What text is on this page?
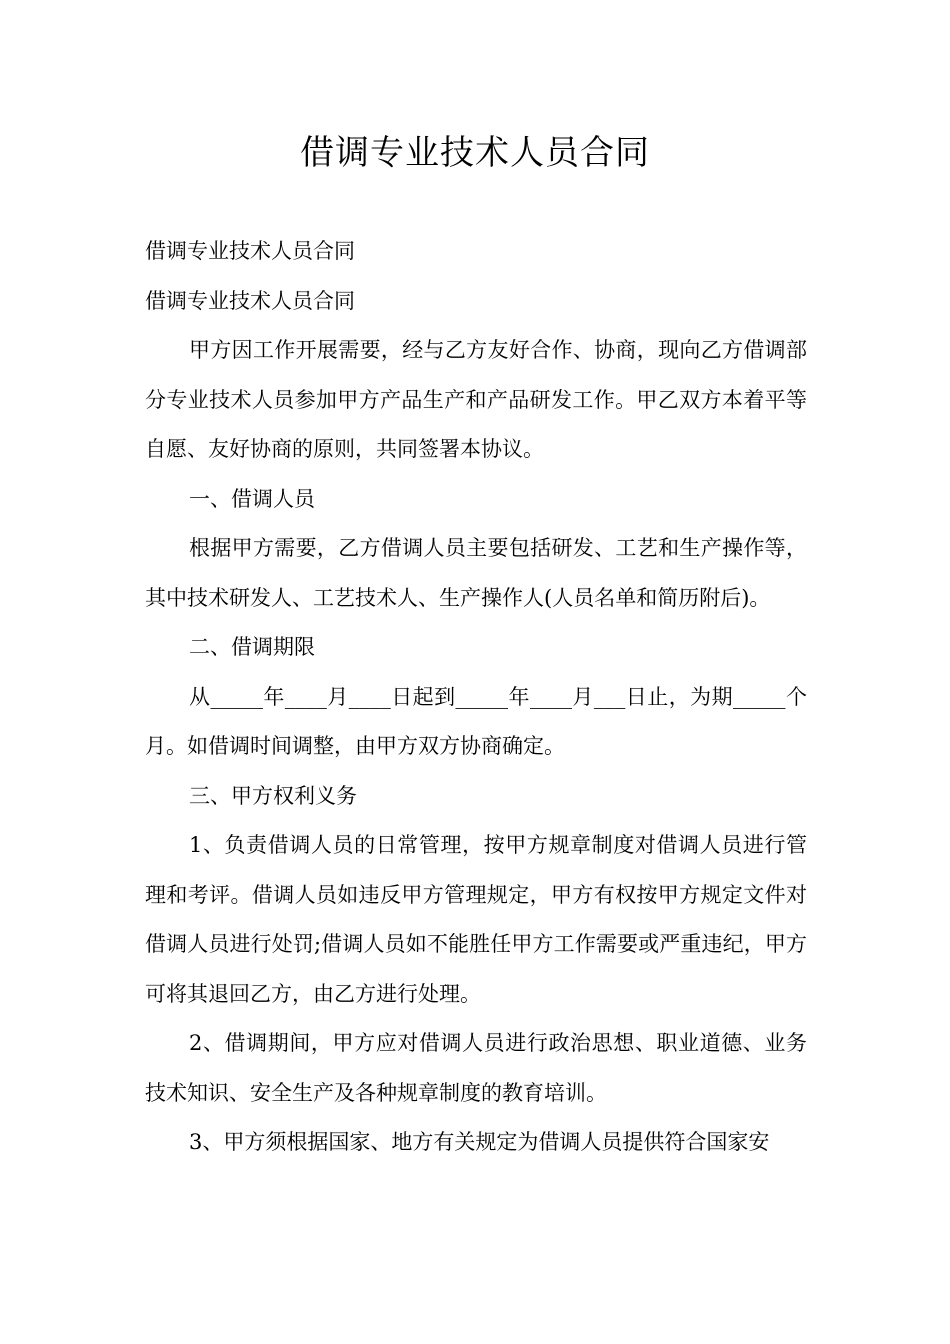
借调专业技术人员合同

借调专业技术人员合同

借调专业技术人员合同

甲方因工作开展需要，经与乙方友好合作、协商，现向乙方借调部分专业技术人员参加甲方产品生产和产品研发工作。甲乙双方本着平等自愿、友好协商的原则，共同签署本协议。

一、借调人员

根据甲方需要，乙方借调人员主要包括研发、工艺和生产操作等，其中技术研发人、工艺技术人、生产操作人(人员名单和简历附后)。

二、借调期限

从_____年____月____日起到_____年____月___日止，为期_____个月。如借调时间调整，由甲方双方协商确定。

三、甲方权利义务

1、负责借调人员的日常管理，按甲方规章制度对借调人员进行管理和考评。借调人员如违反甲方管理规定，甲方有权按甲方规定文件对借调人员进行处罚;借调人员如不能胜任甲方工作需要或严重违纪，甲方可将其退回乙方，由乙方进行处理。

2、借调期间，甲方应对借调人员进行政治思想、职业道德、业务技术知识、安全生产及各种规章制度的教育培训。

3、甲方须根据国家、地方有关规定为借调人员提供符合国家安
